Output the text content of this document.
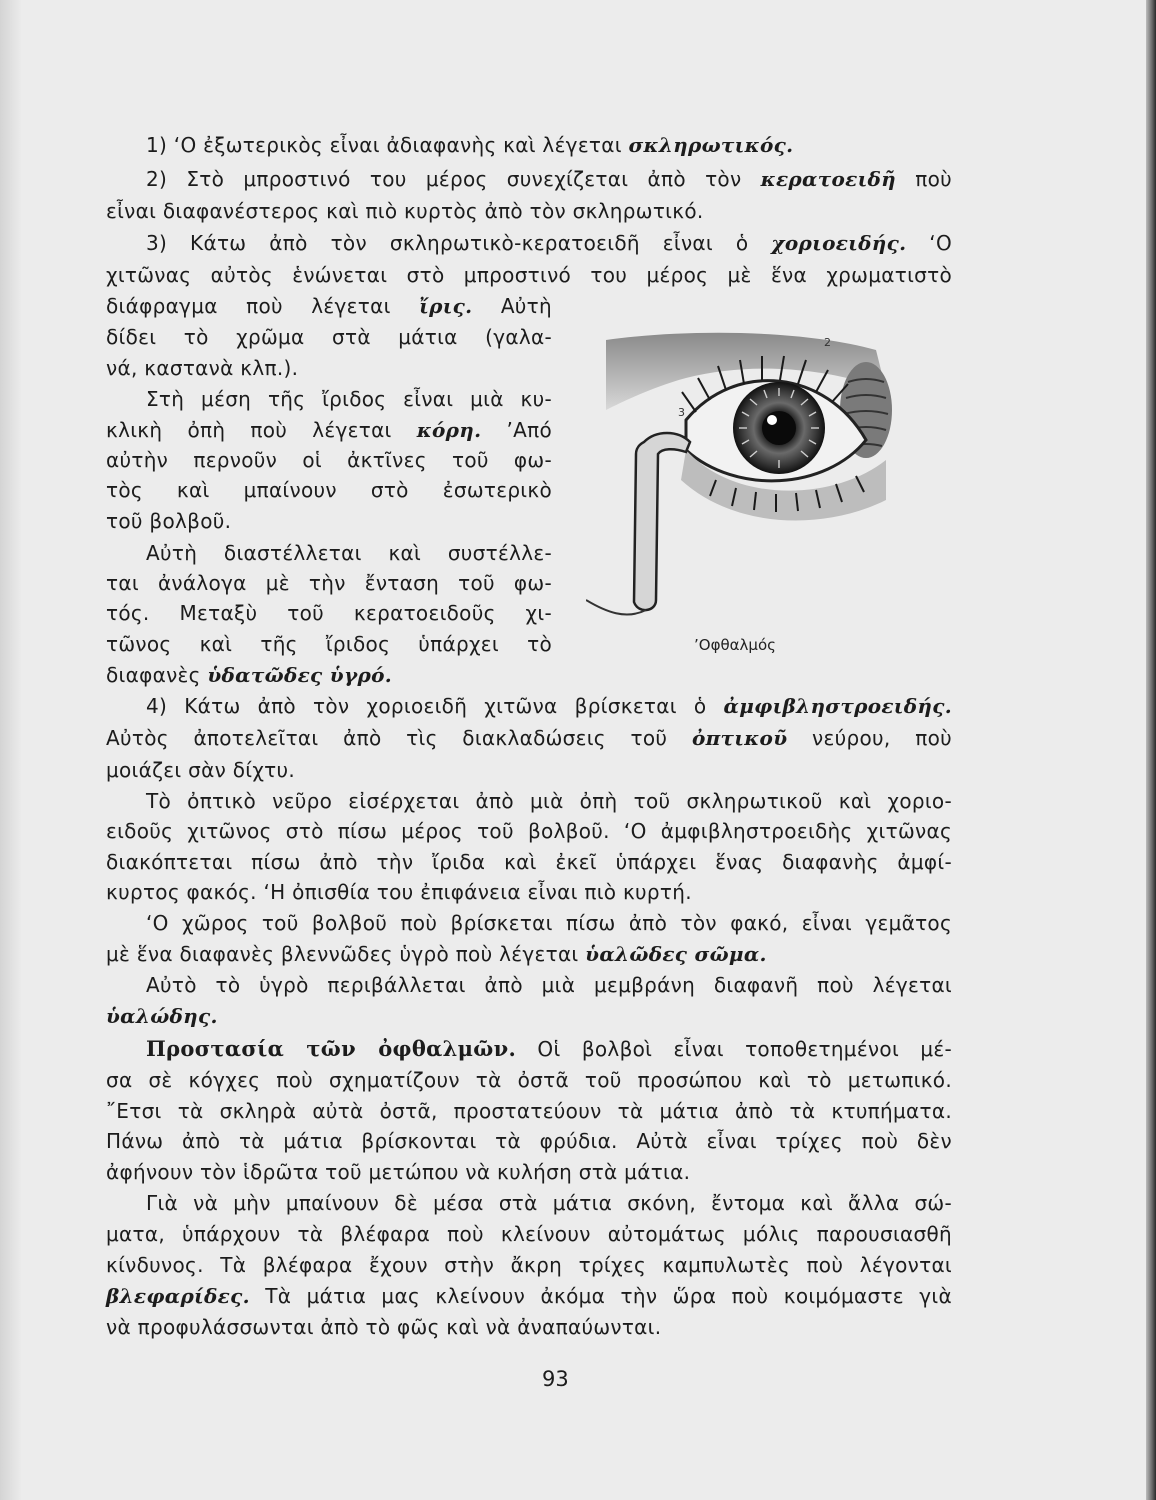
1) ‘Ο ἐξωτερικὸς εἶναι ἀδιαφανὴς καὶ λέγεται σκληρωτικός.
2) Στὸ μπροστινό του μέρος συνεχίζεται ἀπὸ τὸν κερατοειδῆ ποὺ
εἶναι διαφανέστερος καὶ πιὸ κυρτὸς ἀπὸ τὸν σκληρωτικό.
3) Κάτω ἀπὸ τὸν σκληρωτικὸ-κερατοειδῆ εἶναι ὁ χοριοειδής. ‘Ο
χιτῶνας αὐτὸς ἑνώνεται στὸ μπροστινό του μέρος μὲ ἕνα χρωματιστὸ
διάφραγμα ποὺ λέγεται ἴρις. Αὐτὴ
δίδει τὸ χρῶμα στὰ μάτια (γαλα-
νά, καστανὰ κλπ.).
Στὴ μέση τῆς ἴριδος εἶναι μιὰ κυ-
κλικὴ ὀπὴ ποὺ λέγεται κόρη. ’Από
αὐτὴν περνοῦν οἱ ἀκτῖνες τοῦ φω-
τὸς καὶ μπαίνουν στὸ ἐσωτερικὸ
τοῦ βολβοῦ.
Αὐτὴ διαστέλλεται καὶ συστέλλε-
ται ἀνάλογα μὲ τὴν ἔνταση τοῦ φω-
τός. Μεταξὺ τοῦ κερατοειδοῦς χι-
τῶνος καὶ τῆς ἴριδος ὑπάρχει τὸ
διαφανὲς ὑδατῶδες ὑγρό.
2
3
’Οφθαλμός
4) Κάτω ἀπὸ τὸν χοριοειδῆ χιτῶνα βρίσκεται ὁ ἀμφιβληστροειδής.
Αὐτὸς ἀποτελεῖται ἀπὸ τὶς διακλαδώσεις τοῦ ὀπτικοῦ νεύρου, ποὺ
μοιάζει σὰν δίχτυ.
Τὸ ὀπτικὸ νεῦρο εἰσέρχεται ἀπὸ μιὰ ὀπὴ τοῦ σκληρωτικοῦ καὶ χοριο-
ειδοῦς χιτῶνος στὸ πίσω μέρος τοῦ βολβοῦ. ‘Ο ἀμφιβληστροειδὴς χιτῶνας
διακόπτεται πίσω ἀπὸ τὴν ἴριδα καὶ ἐκεῖ ὑπάρχει ἕνας διαφανὴς ἀμφί-
κυρτος φακός. ‘Η ὀπισθία του ἐπιφάνεια εἶναι πιὸ κυρτή.
‘Ο χῶρος τοῦ βολβοῦ ποὺ βρίσκεται πίσω ἀπὸ τὸν φακό, εἶναι γεμᾶτος
μὲ ἕνα διαφανὲς βλεννῶδες ὑγρὸ ποὺ λέγεται ὑαλῶδες σῶμα.
Αὐτὸ τὸ ὑγρὸ περιβάλλεται ἀπὸ μιὰ μεμβράνη διαφανῆ ποὺ λέγεται
ὑαλώδης.
Προστασία τῶν ὀφθαλμῶν. Οἱ βολβοὶ εἶναι τοποθετημένοι μέ-
σα σὲ κόγχες ποὺ σχηματίζουν τὰ ὀστᾶ τοῦ προσώπου καὶ τὸ μετωπικό.
῎Ετσι τὰ σκληρὰ αὐτὰ ὀστᾶ, προστατεύουν τὰ μάτια ἀπὸ τὰ κτυπήματα.
Πάνω ἀπὸ τὰ μάτια βρίσκονται τὰ φρύδια. Αὐτὰ εἶναι τρίχες ποὺ δὲν
ἀφήνουν τὸν ἱδρῶτα τοῦ μετώπου νὰ κυλήση στὰ μάτια.
Γιὰ νὰ μὴν μπαίνουν δὲ μέσα στὰ μάτια σκόνη, ἔντομα καὶ ἄλλα σώ-
ματα, ὑπάρχουν τὰ βλέφαρα ποὺ κλείνουν αὐτομάτως μόλις παρουσιασθῆ
κίνδυνος. Τὰ βλέφαρα ἔχουν στὴν ἄκρη τρίχες καμπυλωτὲς ποὺ λέγονται
βλεφαρίδες. Τὰ μάτια μας κλείνουν ἀκόμα τὴν ὥρα ποὺ κοιμόμαστε γιὰ
νὰ προφυλάσσωνται ἀπὸ τὸ φῶς καὶ νὰ ἀναπαύωνται.
93
